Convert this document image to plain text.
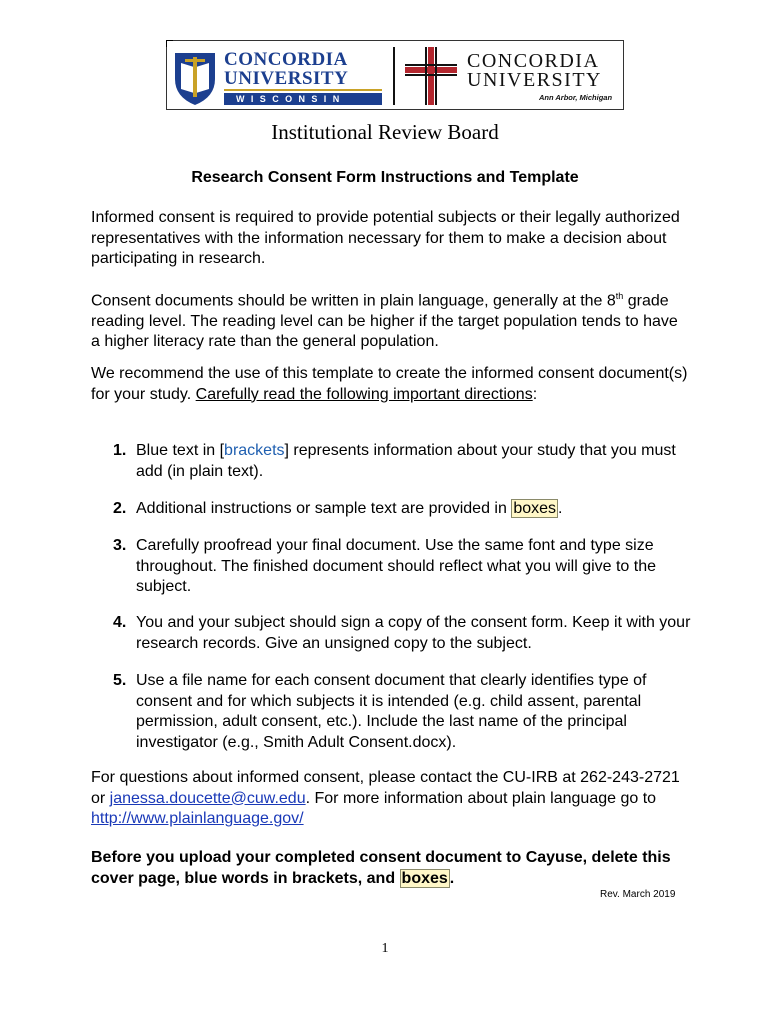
CONCORDIA
UNIVERSITY
WISCONSIN
CONCORDIA
UNIVERSITY
Ann Arbor, Michigan
Institutional Review Board
Research Consent Form Instructions and Template
Informed consent is required to provide potential subjects or their legally authorized representatives with the information necessary for them to make a decision about participating in research.
Consent documents should be written in plain language, generally at the 8th grade reading level. The reading level can be higher if the target population tends to have a higher literacy rate than the general population.
We recommend the use of this template to create the informed consent document(s) for your study. Carefully read the following important directions:
1. Blue text in [brackets] represents information about your study that you must add (in plain text).
2. Additional instructions or sample text are provided in boxes .
3. Carefully proofread your final document. Use the same font and type size throughout. The finished document should reflect what you will give to the subject.
4. You and your subject should sign a copy of the consent form. Keep it with your research records. Give an unsigned copy to the subject.
5. Use a file name for each consent document that clearly identifies type of consent and for which subjects it is intended (e.g. child assent, parental permission, adult consent, etc.). Include the last name of the principal investigator (e.g., Smith Adult Consent.docx).
For questions about informed consent, please contact the CU-IRB at 262-243-2721 or janessa.doucette@cuw.edu. For more information about plain language go to http://www.plainlanguage.gov/
Before you upload your completed consent document to Cayuse, delete this cover page, blue words in brackets, and boxes .
Rev. March 2019
1
